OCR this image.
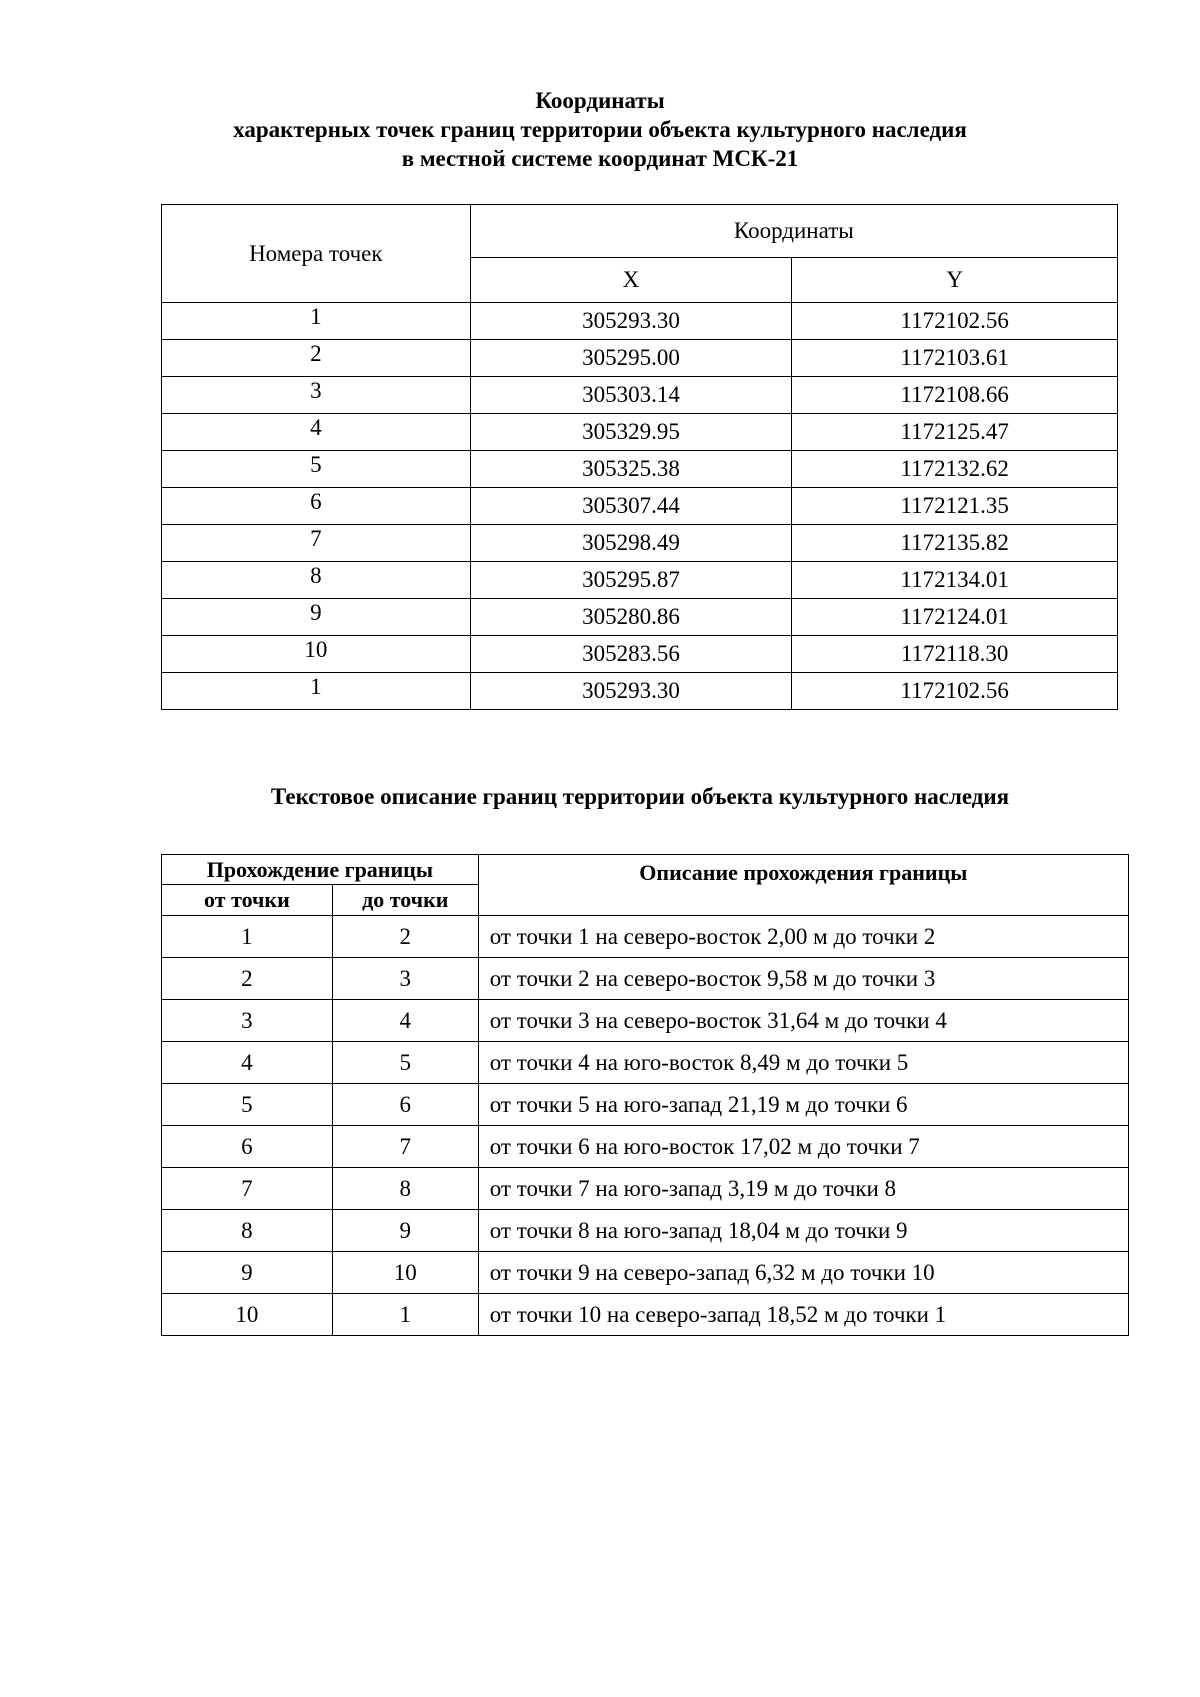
Координаты
характерных точек границ территории объекта культурного наследия
в местной системе координат МСК-21
Номера точек	Координаты	
	X	Y
1	305293.30	1172102.56
2	305295.00	1172103.61
3	305303.14	1172108.66
4	305329.95	1172125.47
5	305325.38	1172132.62
6	305307.44	1172121.35
7	305298.49	1172135.82
8	305295.87	1172134.01
9	305280.86	1172124.01
10	305283.56	1172118.30
1	305293.30	1172102.56
Текстовое описание границ территории объекта культурного наследия
Прохождение границы		Описание прохождения границы
от точки	до точки	
1	2	от точки 1 на северо-восток 2,00 м до точки 2
2	3	от точки 2 на северо-восток 9,58 м до точки 3
3	4	от точки 3 на северо-восток 31,64 м до точки 4
4	5	от точки 4 на юго-восток 8,49 м до точки 5
5	6	от точки 5 на юго-запад 21,19 м до точки 6
6	7	от точки 6 на юго-восток 17,02 м до точки 7
7	8	от точки 7 на юго-запад 3,19 м до точки 8
8	9	от точки 8 на юго-запад 18,04 м до точки 9
9	10	от точки 9 на северо-запад 6,32 м до точки 10
10	1	от точки 10 на северо-запад 18,52 м до точки 1
